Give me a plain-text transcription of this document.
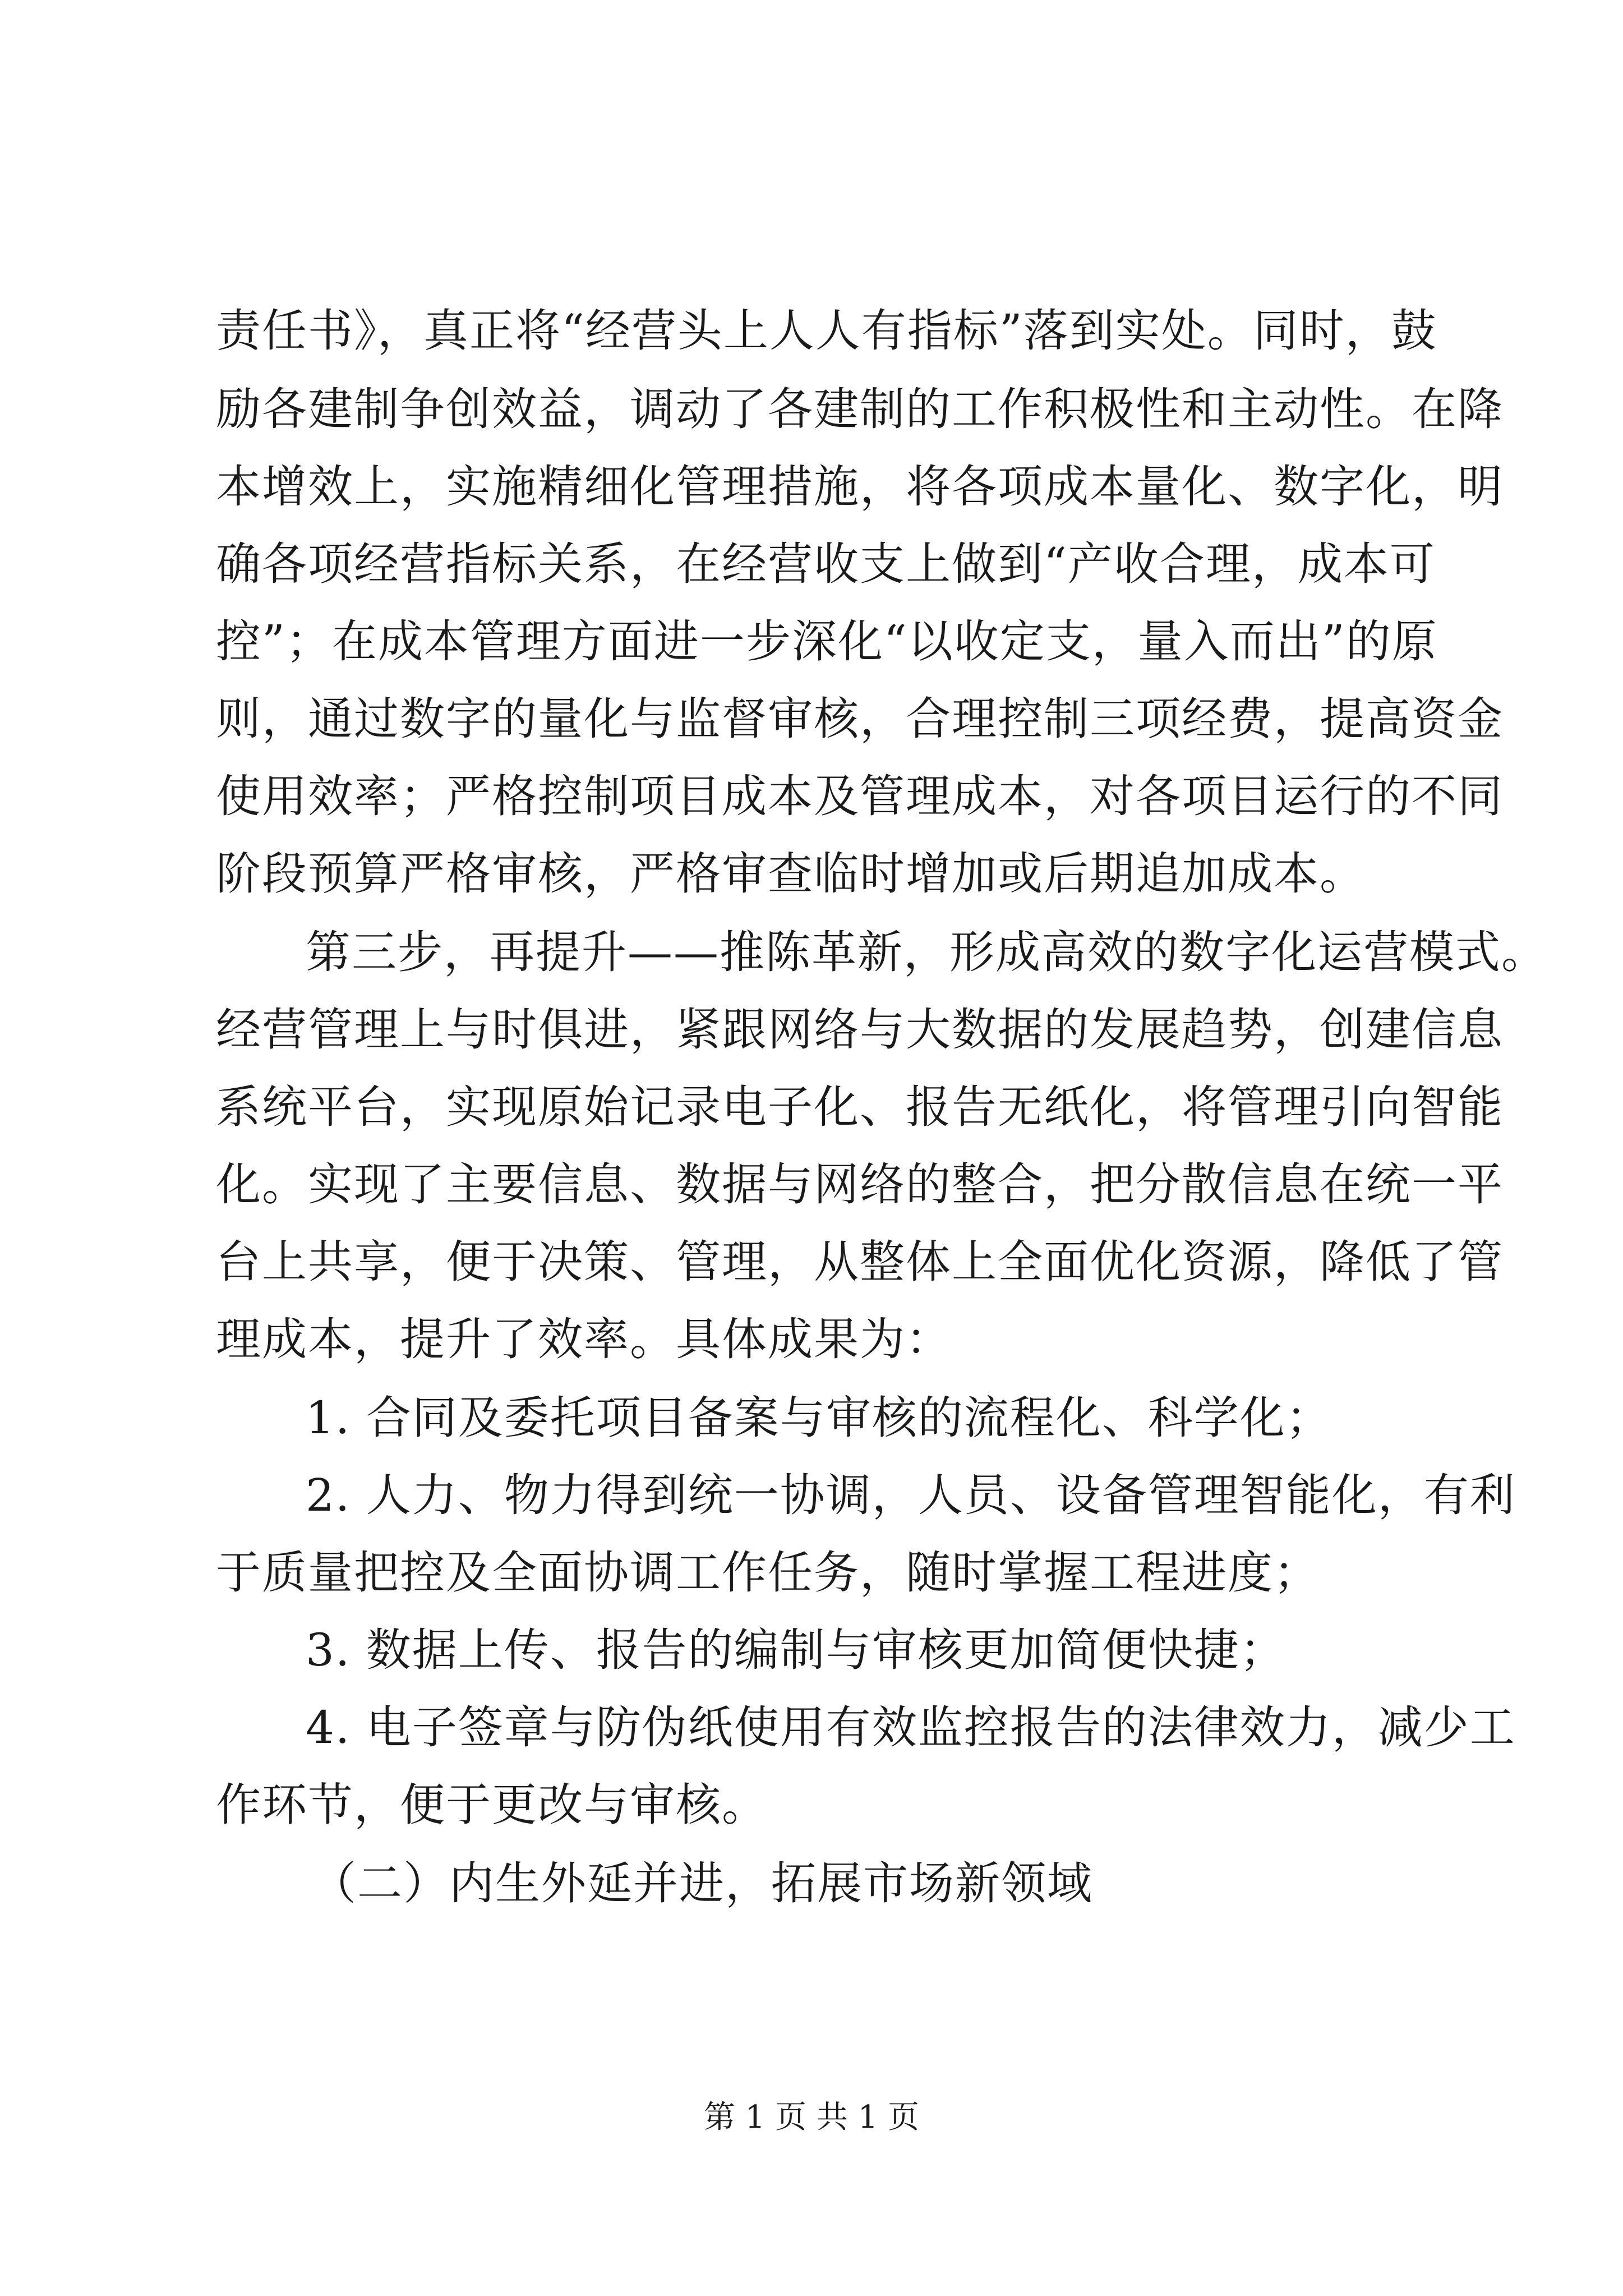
责任书》，真正将“经营头上人人有指标”落到实处。同时，鼓
励各建制争创效益，调动了各建制的工作积极性和主动性。在降
本增效上，实施精细化管理措施，将各项成本量化、数字化，明
确各项经营指标关系，在经营收支上做到“产收合理，成本可
控”；在成本管理方面进一步深化“以收定支，量入而出”的原
则，通过数字的量化与监督审核，合理控制三项经费，提高资金
使用效率；严格控制项目成本及管理成本，对各项目运行的不同
阶段预算严格审核，严格审查临时增加或后期追加成本。
第三步，再提升——推陈革新，形成高效的数字化运营模式。
经营管理上与时俱进，紧跟网络与大数据的发展趋势，创建信息
系统平台，实现原始记录电子化、报告无纸化，将管理引向智能
化。实现了主要信息、数据与网络的整合，把分散信息在统一平
台上共享，便于决策、管理，从整体上全面优化资源，降低了管
理成本，提升了效率。具体成果为：
1. 合同及委托项目备案与审核的流程化、科学化；
2. 人力、物力得到统一协调，人员、设备管理智能化，有利
于质量把控及全面协调工作任务，随时掌握工程进度；
3. 数据上传、报告的编制与审核更加简便快捷；
4. 电子签章与防伪纸使用有效监控报告的法律效力，减少工
作环节，便于更改与审核。
（二）内生外延并进，拓展市场新领域
第 1 页 共 1 页
